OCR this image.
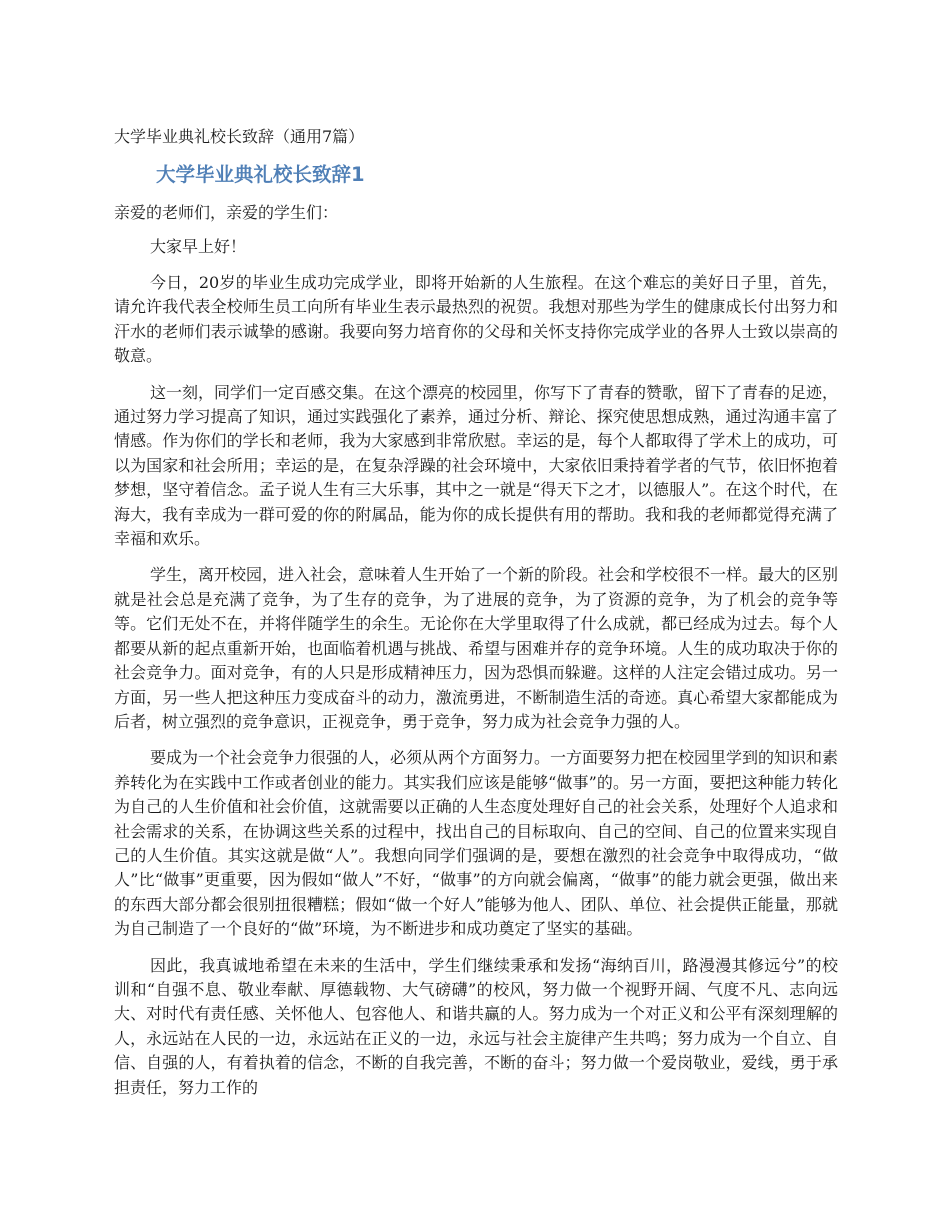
大学毕业典礼校长致辞（通用7篇）
大学毕业典礼校长致辞1
亲爱的老师们，亲爱的学生们：
大家早上好！

今日，20岁的毕业生成功完成学业，即将开始新的人生旅程。在这个难忘的美好日子里，首先，请允许我代表全校师生员工向所有毕业生表示最热烈的祝贺。我想对那些为学生的健康成长付出努力和汗水的老师们表示诚挚的感谢。我要向努力培育你的父母和关怀支持你完成学业的各界人士致以崇高的敬意。

这一刻，同学们一定百感交集。在这个漂亮的校园里，你写下了青春的赞歌，留下了青春的足迹，通过努力学习提高了知识，通过实践强化了素养，通过分析、辩论、探究使思想成熟，通过沟通丰富了情感。作为你们的学长和老师，我为大家感到非常欣慰。幸运的是，每个人都取得了学术上的成功，可以为国家和社会所用；幸运的是，在复杂浮躁的社会环境中，大家依旧秉持着学者的气节，依旧怀抱着梦想，坚守着信念。孟子说人生有三大乐事，其中之一就是“得天下之才，以德服人”。在这个时代，在海大，我有幸成为一群可爱的你的附属品，能为你的成长提供有用的帮助。我和我的老师都觉得充满了幸福和欢乐。

学生，离开校园，进入社会，意味着人生开始了一个新的阶段。社会和学校很不一样。最大的区别就是社会总是充满了竞争，为了生存的竞争，为了进展的竞争，为了资源的竞争，为了机会的竞争等等。它们无处不在，并将伴随学生的余生。无论你在大学里取得了什么成就，都已经成为过去。每个人都要从新的起点重新开始，也面临着机遇与挑战、希望与困难并存的竞争环境。人生的成功取决于你的社会竞争力。面对竞争，有的人只是形成精神压力，因为恐惧而躲避。这样的人注定会错过成功。另一方面，另一些人把这种压力变成奋斗的动力，激流勇进，不断制造生活的奇迹。真心希望大家都能成为后者，树立强烈的竞争意识，正视竞争，勇于竞争，努力成为社会竞争力强的人。

要成为一个社会竞争力很强的人，必须从两个方面努力。一方面要努力把在校园里学到的知识和素养转化为在实践中工作或者创业的能力。其实我们应该是能够“做事”的。另一方面，要把这种能力转化为自己的人生价值和社会价值，这就需要以正确的人生态度处理好自己的社会关系，处理好个人追求和社会需求的关系，在协调这些关系的过程中，找出自己的目标取向、自己的空间、自己的位置来实现自己的人生价值。其实这就是做“人”。我想向同学们强调的是，要想在激烈的社会竞争中取得成功，“做人”比“做事”更重要，因为假如“做人”不好，“做事”的方向就会偏离，“做事”的能力就会更强，做出来的东西大部分都会很别扭很糟糕；假如“做一个好人”能够为他人、团队、单位、社会提供正能量，那就为自己制造了一个良好的“做”环境，为不断进步和成功奠定了坚实的基础。

因此，我真诚地希望在未来的生活中，学生们继续秉承和发扬“海纳百川，路漫漫其修远兮”的校训和“自强不息、敬业奉献、厚德载物、大气磅礴”的校风，努力做一个视野开阔、气度不凡、志向远大、对时代有责任感、关怀他人、包容他人、和谐共赢的人。努力成为一个对正义和公平有深刻理解的人，永远站在人民的一边，永远站在正义的一边，永远与社会主旋律产生共鸣；努力成为一个自立、自信、自强的人，有着执着的信念，不断的自我完善，不断的奋斗；努力做一个爱岗敬业，爱线，勇于承担责任，努力工作的
